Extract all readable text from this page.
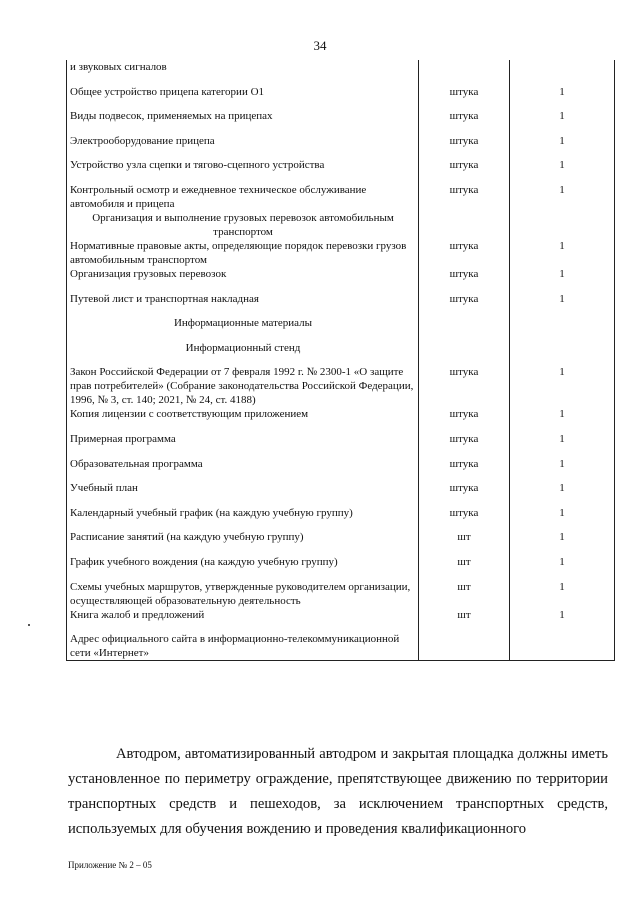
34
и звуковых сигналов		
Общее устройство прицепа категории О1	штука	1
Виды подвесок, применяемых на прицепах	штука	1
Электрооборудование прицепа	штука	1
Устройство узла сцепки и тягово-сцепного устройства	штука	1
Контрольный осмотр и ежедневное техническое обслуживание автомобиля и прицепа	штука	1
Организация и выполнение грузовых перевозок автомобильным транспортом		
Нормативные правовые акты, определяющие порядок перевозки грузов автомобильным транспортом	штука	1
Организация грузовых перевозок	штука	1
Путевой лист и транспортная накладная	штука	1
Информационные материалы		
Информационный стенд		
Закон Российской Федерации от 7 февраля 1992 г. № 2300-1 «О защите прав потребителей» (Собрание законодательства Российской Федерации, 1996, № 3, ст. 140; 2021, № 24, ст. 4188)	штука	1
Копия лицензии с соответствующим приложением	штука	1
Примерная программа	штука	1
Образовательная программа	штука	1
Учебный план	штука	1
Календарный учебный график (на каждую учебную группу)	штука	1
Расписание занятий (на каждую учебную группу)	шт	1
График учебного вождения (на каждую учебную группу)	шт	1
Схемы учебных маршрутов, утвержденные руководителем организации, осуществляющей образовательную деятельность	шт	1
Книга жалоб и предложений	шт	1
Адрес официального сайта в информационно-телекоммуникационной сети «Интернет»		

Автодром, автоматизированный автодром и закрытая площадка должны иметь установленное по периметру ограждение, препятствующее движению по территории транспортных средств и пешеходов, за исключением транспортных средств, используемых для обучения вождению и проведения квалификационного

Приложение № 2 – 05
